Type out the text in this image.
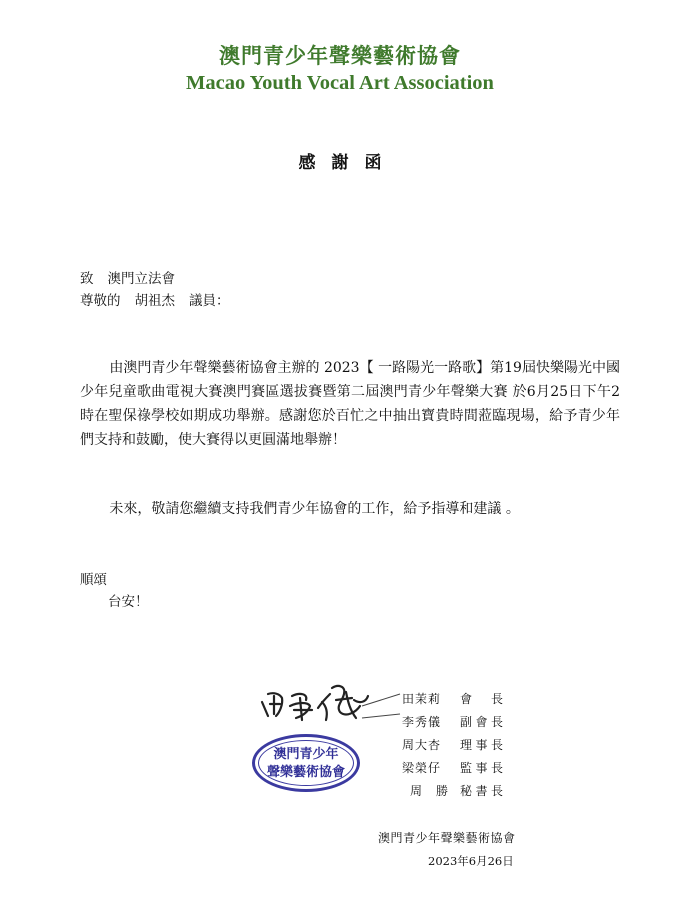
澳門青少年聲樂藝術協會
Macao Youth Vocal Art Association
感謝函
致 澳門立法會
尊敬的 胡祖杰 議員：
由澳門青少年聲樂藝術協會主辦的 2023【 一路陽光一路歌】第19屆快樂陽光中國少年兒童歌曲電視大賽澳門賽區選拔賽暨第二屆澳門青少年聲樂大賽 於6月25日下午2時在聖保祿學校如期成功舉辦。感謝您於百忙之中抽出寶貴時間蒞臨現場，給予青少年們支持和鼓勵，使大賽得以更圓滿地舉辦！
未來，敬請您繼續支持我們青少年協會的工作，給予指導和建議 。
順頌
台安！
澳門青少年
聲樂藝術協會
田茉莉 會　長
李秀儀 副會長
周大杏 理事長
梁榮仔 監事長
周　勝 秘書長
澳門青少年聲樂藝術協會
2023年6月26日
